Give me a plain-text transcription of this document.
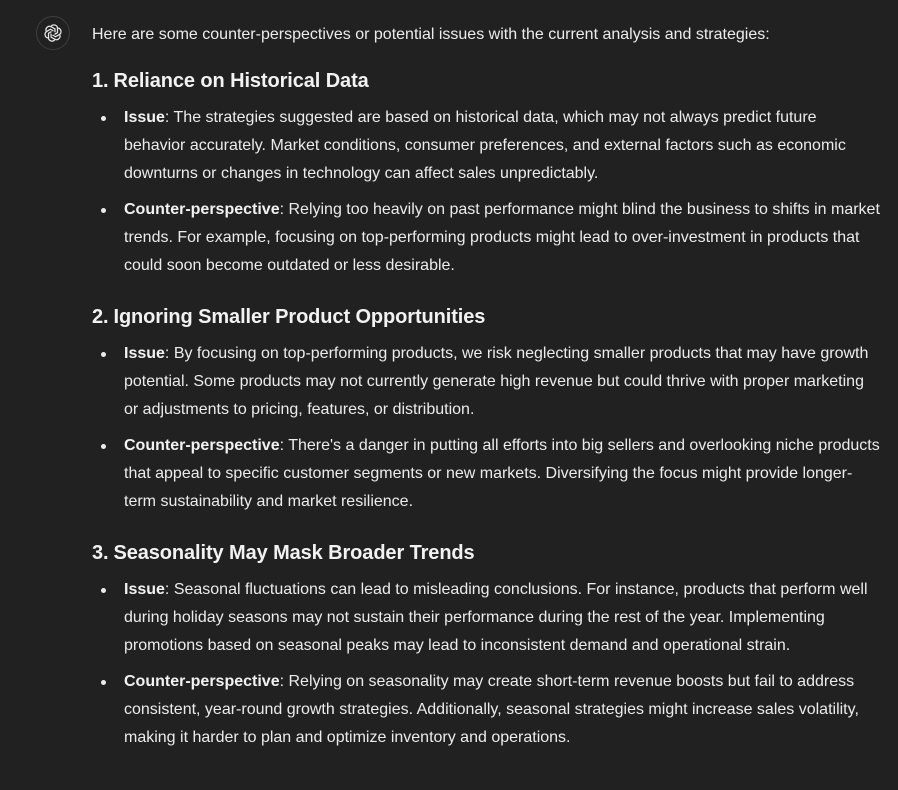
Here are some counter-perspectives or potential issues with the current analysis and strategies:

1. Reliance on Historical Data
Issue: The strategies suggested are based on historical data, which may not always predict future behavior accurately. Market conditions, consumer preferences, and external factors such as economic downturns or changes in technology can affect sales unpredictably.
Counter-perspective: Relying too heavily on past performance might blind the business to shifts in market trends. For example, focusing on top-performing products might lead to over-investment in products that could soon become outdated or less desirable.
2. Ignoring Smaller Product Opportunities
Issue: By focusing on top-performing products, we risk neglecting smaller products that may have growth potential. Some products may not currently generate high revenue but could thrive with proper marketing or adjustments to pricing, features, or distribution.
Counter-perspective: There's a danger in putting all efforts into big sellers and overlooking niche products that appeal to specific customer segments or new markets. Diversifying the focus might provide longer-term sustainability and market resilience.
3. Seasonality May Mask Broader Trends
Issue: Seasonal fluctuations can lead to misleading conclusions. For instance, products that perform well during holiday seasons may not sustain their performance during the rest of the year. Implementing promotions based on seasonal peaks may lead to inconsistent demand and operational strain.
Counter-perspective: Relying on seasonality may create short-term revenue boosts but fail to address consistent, year-round growth strategies. Additionally, seasonal strategies might increase sales volatility, making it harder to plan and optimize inventory and operations.
